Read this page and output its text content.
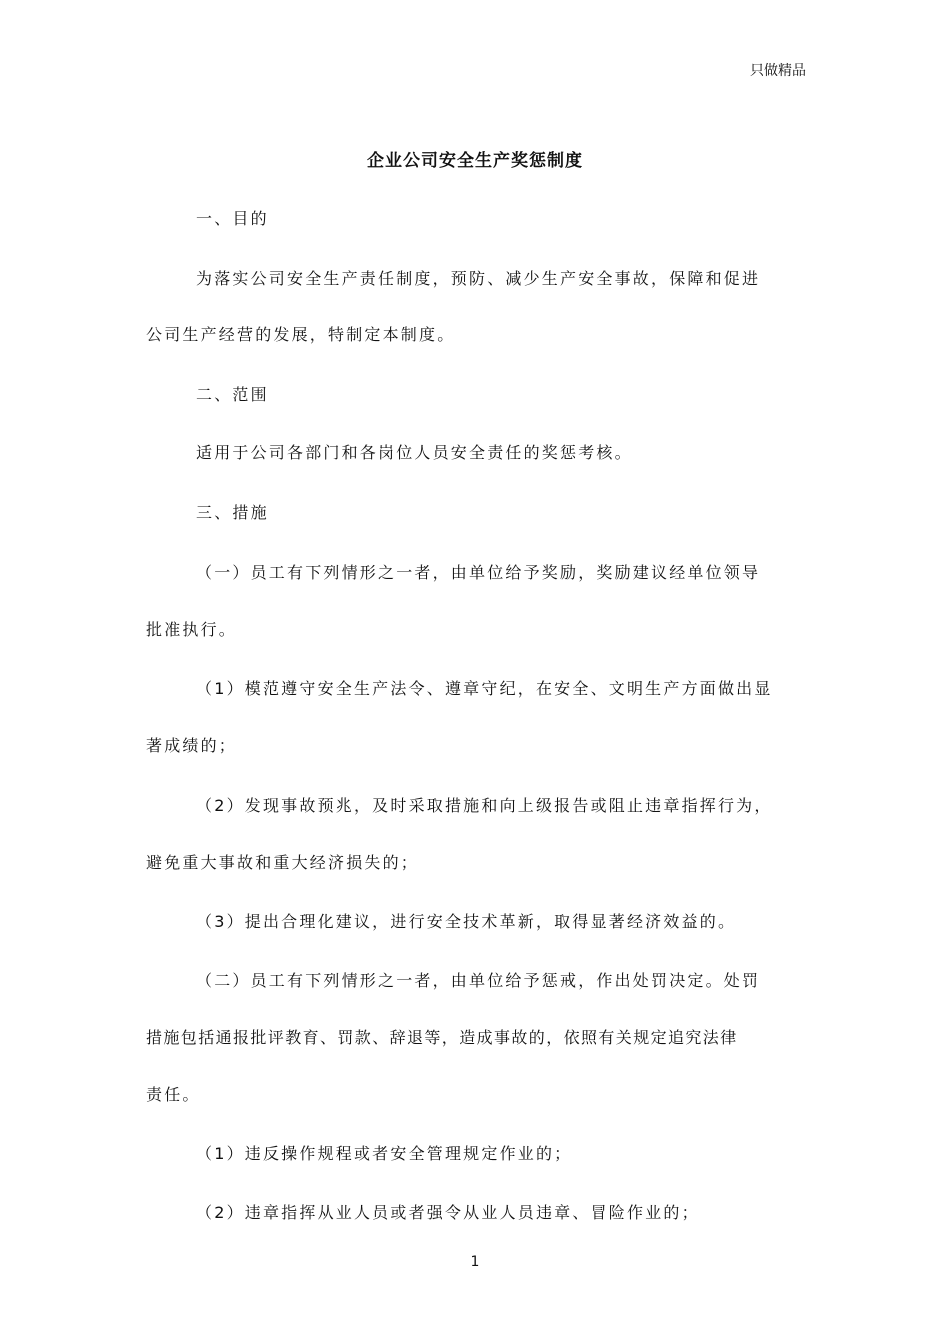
只做精品
企业公司安全生产奖惩制度
一、目的
为落实公司安全生产责任制度，预防、减少生产安全事故，保障和促进
公司生产经营的发展，特制定本制度。
二、范围
适用于公司各部门和各岗位人员安全责任的奖惩考核。
三、措施
（一）员工有下列情形之一者，由单位给予奖励，奖励建议经单位领导
批准执行。
（1）模范遵守安全生产法令、遵章守纪，在安全、文明生产方面做出显
著成绩的；
（2）发现事故预兆，及时采取措施和向上级报告或阻止违章指挥行为，
避免重大事故和重大经济损失的；
（3）提出合理化建议，进行安全技术革新，取得显著经济效益的。
（二）员工有下列情形之一者，由单位给予惩戒，作出处罚决定。处罚
措施包括通报批评教育、罚款、辞退等，造成事故的，依照有关规定追究法律
责任。
（1）违反操作规程或者安全管理规定作业的；
（2）违章指挥从业人员或者强令从业人员违章、冒险作业的；
1
